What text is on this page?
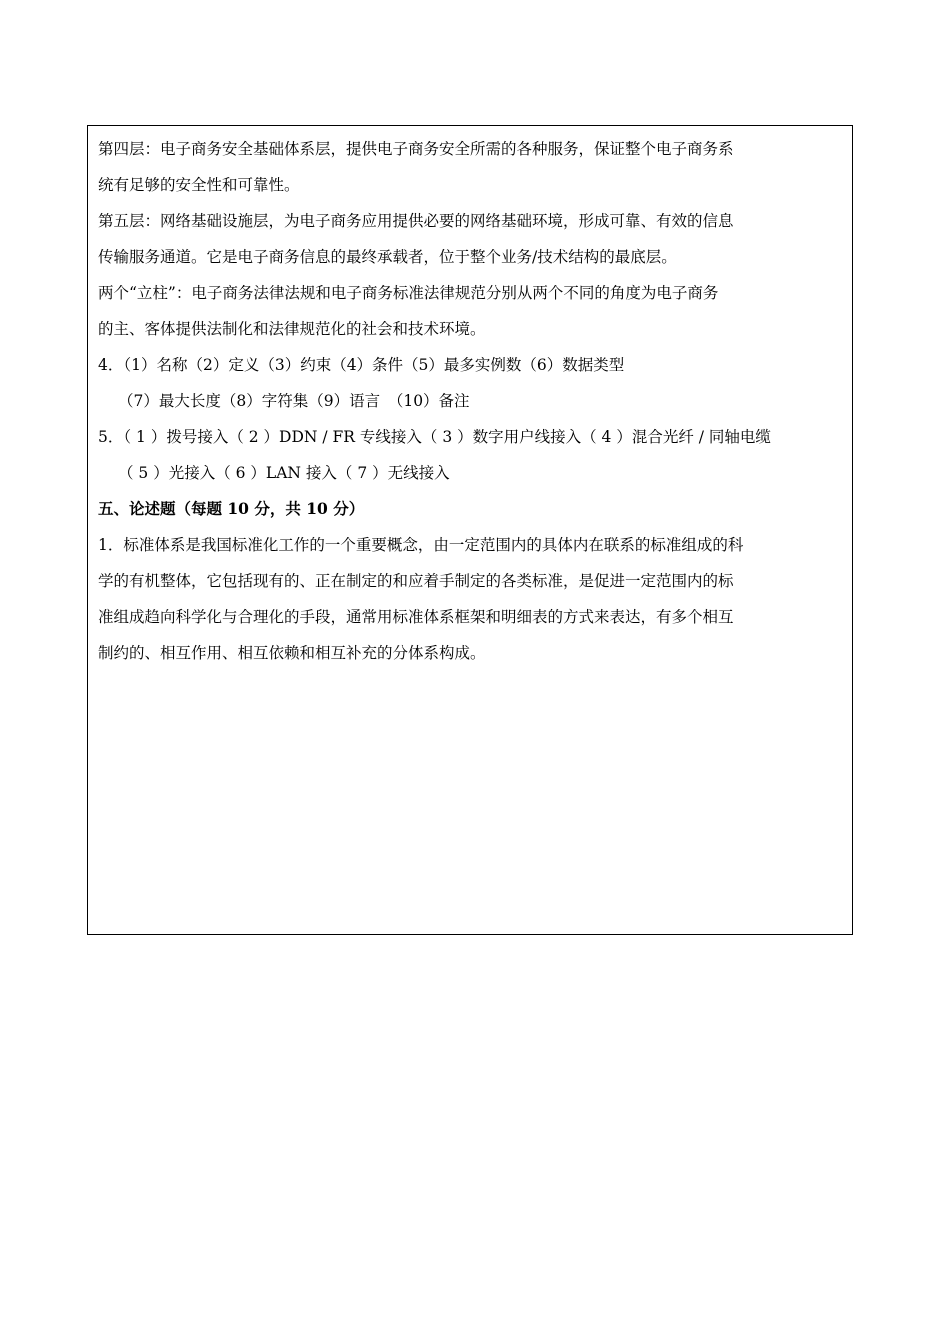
第四层：电子商务安全基础体系层，提供电子商务安全所需的各种服务，保证整个电子商务系
统有足够的安全性和可靠性。
第五层：网络基础设施层，为电子商务应用提供必要的网络基础环境，形成可靠、有效的信息
传输服务通道。它是电子商务信息的最终承载者，位于整个业务/技术结构的最底层。
两个“立柱”：电子商务法律法规和电子商务标准法律规范分别从两个不同的角度为电子商务
的主、客体提供法制化和法律规范化的社会和技术环境。
4．（1）名称（2）定义（3）约束（4）条件（5）最多实例数（6）数据类型
（7）最大长度（8）字符集（9）语言　（10）备注
5．（ 1 ）拨号接入（ 2 ）DDN / FR 专线接入（ 3 ）数字用户线接入（ 4 ）混合光纤 / 同轴电缆
（ 5 ）光接入（ 6 ）LAN 接入（ 7 ）无线接入
五、论述题（每题 10 分，共 10 分）
1．标准体系是我国标准化工作的一个重要概念，由一定范围内的具体内在联系的标准组成的科
学的有机整体，它包括现有的、正在制定的和应着手制定的各类标准，是促进一定范围内的标
准组成趋向科学化与合理化的手段，通常用标准体系框架和明细表的方式来表达，有多个相互
制约的、相互作用、相互依赖和相互补充的分体系构成。
